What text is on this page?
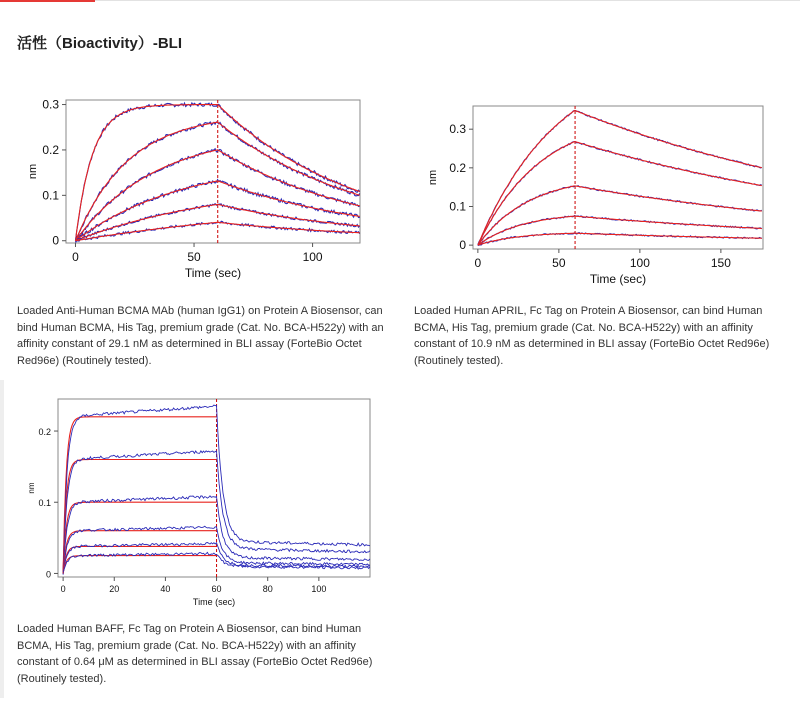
活性（Bioactivity）-BLI
0
0.1
0.2
0.3
0	50	100
Time (sec)
nm
Loaded Anti-Human BCMA MAb (human IgG1) on Protein A Biosensor, can bind Human BCMA, His Tag, premium grade (Cat. No. BCA-H522y) with an affinity constant of 29.1 nM as determined in BLI assay (ForteBio Octet Red96e) (Routinely tested).
0
0.1
0.2
0.3
0	50	100	150
Time (sec)
nm
Loaded Human APRIL, Fc Tag on Protein A Biosensor, can bind Human BCMA, His Tag, premium grade (Cat. No. BCA-H522y) with an affinity constant of 10.9 nM as determined in BLI assay (ForteBio Octet Red96e) (Routinely tested).
0
0.1
0.2
0	20	40	60	80	100
Time (sec)
nm
Loaded Human BAFF, Fc Tag on Protein A Biosensor, can bind Human BCMA, His Tag, premium grade (Cat. No. BCA-H522y) with an affinity constant of 0.64 μM as determined in BLI assay (ForteBio Octet Red96e) (Routinely tested).
